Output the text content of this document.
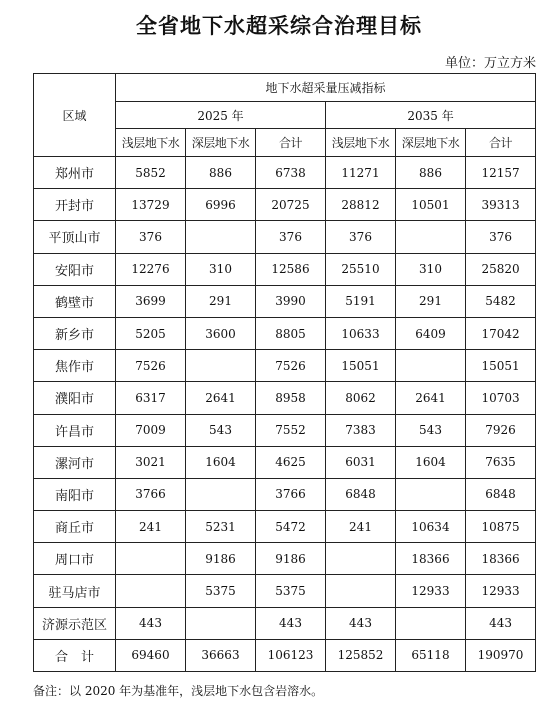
全省地下水超采综合治理目标
单位：万立方米
区域	地下水超采量压减指标					
	2025 年			2035 年		
	浅层地下水	深层地下水	合计	浅层地下水	深层地下水	合计
郑州市	5852	886	6738	11271	886	12157
开封市	13729	6996	20725	28812	10501	39313
平顶山市	376		376	376		376
安阳市	12276	310	12586	25510	310	25820
鹤壁市	3699	291	3990	5191	291	5482
新乡市	5205	3600	8805	10633	6409	17042
焦作市	7526		7526	15051		15051
濮阳市	6317	2641	8958	8062	2641	10703
许昌市	7009	543	7552	7383	543	7926
漯河市	3021	1604	4625	6031	1604	7635
南阳市	3766		3766	6848		6848
商丘市	241	5231	5472	241	10634	10875
周口市		9186	9186		18366	18366
驻马店市		5375	5375		12933	12933
济源示范区	443		443	443		443
合　计	69460	36663	106123	125852	65118	190970
备注：以 2020 年为基准年，浅层地下水包含岩溶水。
